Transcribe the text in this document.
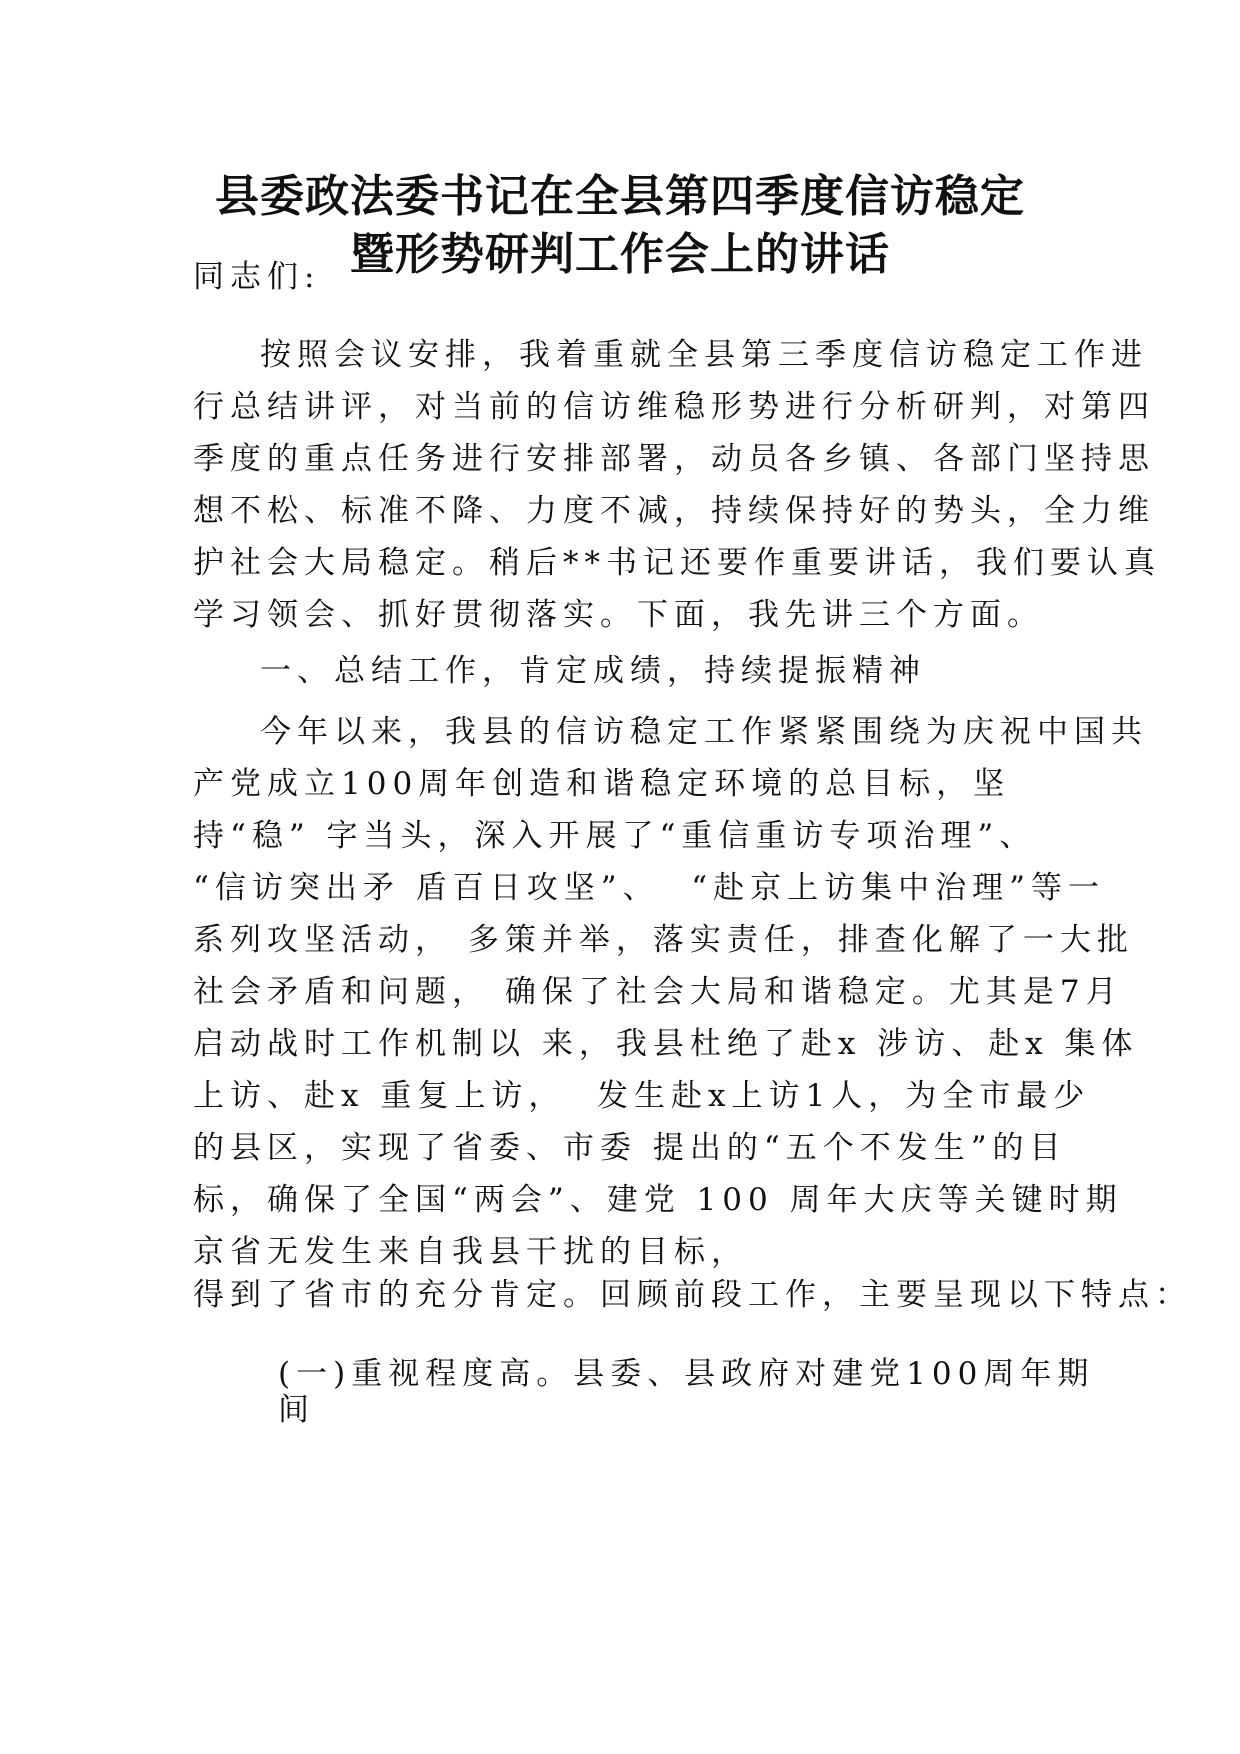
县委政法委书记在全县第四季度信访稳定
暨形势研判工作会上的讲话
同志们:
按照会议安排，我着重就全县第三季度信访稳定工作进
行总结讲评，对当前的信访维稳形势进行分析研判，对第四
季度的重点任务进行安排部署，动员各乡镇、各部门坚持思
想不松、标准不降、力度不减，持续保持好的势头，全力维
护社会大局稳定。稍后**书记还要作重要讲话，我们要认真
学习领会、抓好贯彻落实。下面，我先讲三个方面。
一、总结工作，肯定成绩，持续提振精神
今年以来，我县的信访稳定工作紧紧围绕为庆祝中国共
产党成立100周年创造和谐稳定环境的总目标，坚
持“稳” 字当头，深入开展了“重信重访专项治理”、
“信访突出矛 盾百日攻坚”、  “赴京上访集中治理”等一
系列攻坚活动， 多策并举，落实责任，排查化解了一大批
社会矛盾和问题， 确保了社会大局和谐稳定。尤其是7月
启动战时工作机制以 来，我县杜绝了赴x 涉访、赴x 集体
上访、赴x 重复上访，  发生赴x上访1人，为全市最少
的县区，实现了省委、市委 提出的“五个不发生”的目
标，确保了全国“两会”、建党 100 周年大庆等关键时期
京省无发生来自我县干扰的目标，
得到了省市的充分肯定。回顾前段工作，主要呈现以下特点：
(一)重视程度高。县委、县政府对建党100周年期
间
